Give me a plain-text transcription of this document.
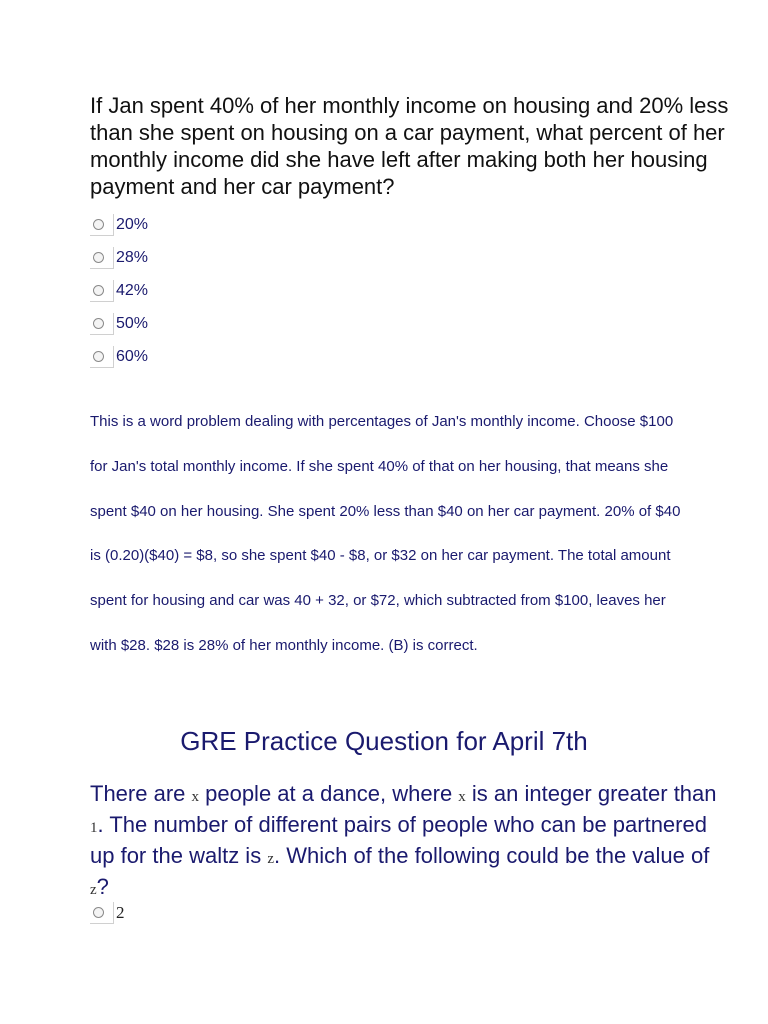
If Jan spent 40% of her monthly income on housing and 20% less than she spent on housing on a car payment, what percent of her monthly income did she have left after making both her housing payment and her car payment?

20%
28%
42%
50%
60%

This is a word problem dealing with percentages of Jan's monthly income. Choose $100 for Jan's total monthly income. If she spent 40% of that on her housing, that means she spent $40 on her housing. She spent 20% less than $40 on her car payment. 20% of $40 is (0.20)($40) = $8, so she spent $40 - $8, or $32 on her car payment. The total amount spent for housing and car was 40 + 32, or $72, which subtracted from $100, leaves her with $28. $28 is 28% of her monthly income. (B) is correct.

GRE Practice Question for April 7th

There are x people at a dance, where x is an integer greater than 1. The number of different pairs of people who can be partnered up for the waltz is z. Which of the following could be the value of z?

2
